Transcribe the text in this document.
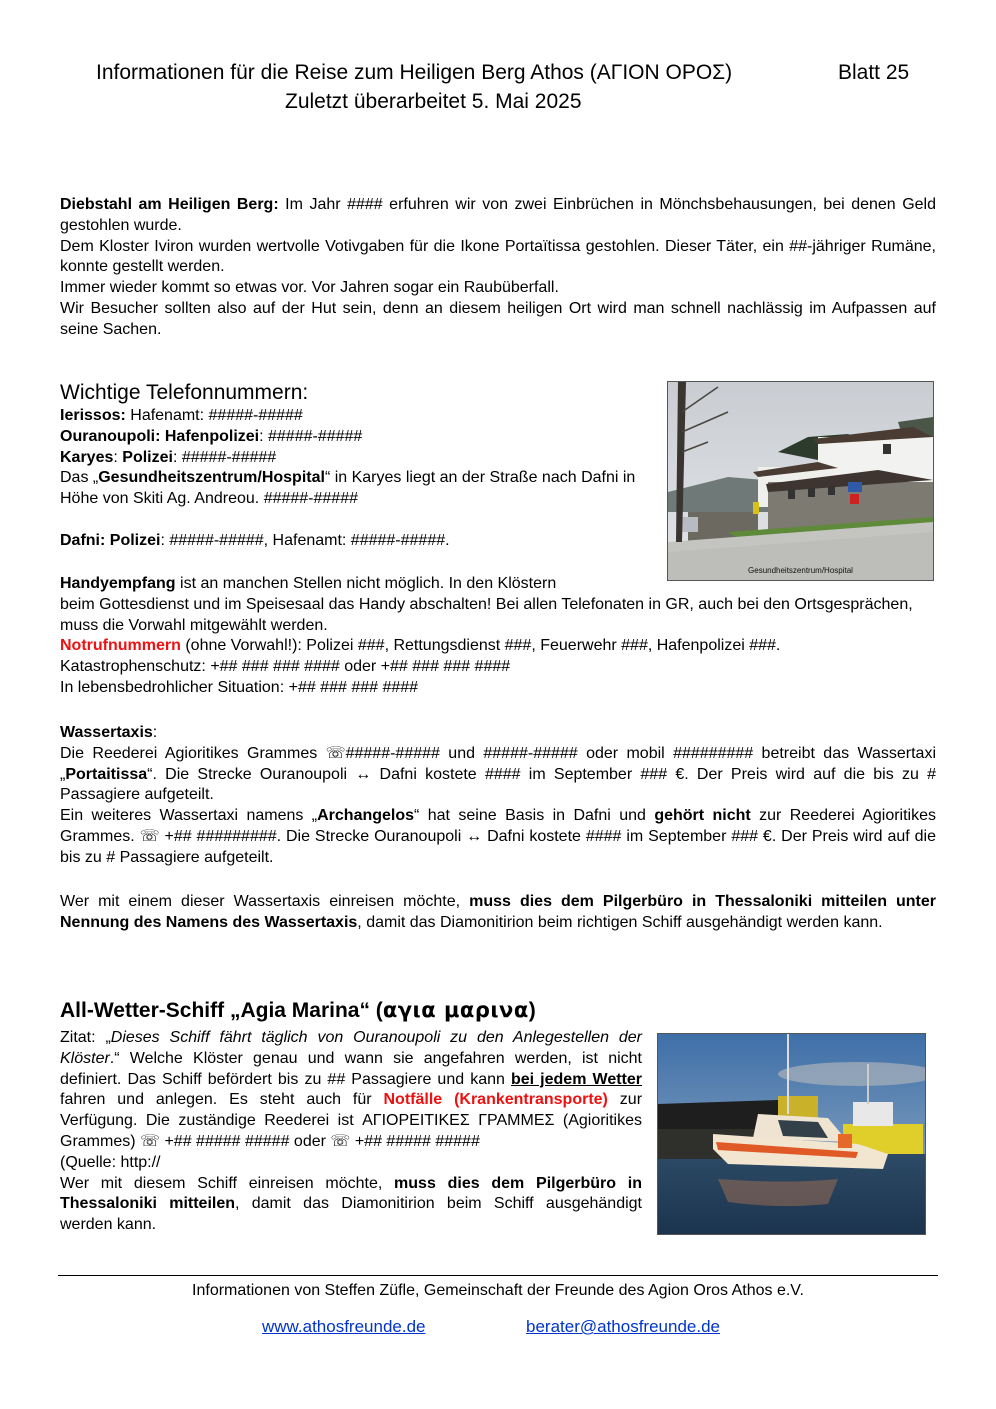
Informationen für die Reise zum Heiligen Berg Athos (ΑΓΙΟΝ ΟΡΟΣ)	Blatt 25
Zuletzt überarbeitet 5. Mai 2025

Diebstahl am Heiligen Berg: Im Jahr #### erfuhren wir von zwei Einbrüchen in Mönchsbehausungen, bei denen Geld gestohlen wurde.

Dem Kloster Iviron wurden wertvolle Votivgaben für die Ikone Portaïtissa gestohlen. Dieser Täter, ein ##-jähriger Rumäne, konnte gestellt werden.

Immer wieder kommt so etwas vor. Vor Jahren sogar ein Raubüberfall.

Wir Besucher sollten also auf der Hut sein, denn an diesem heiligen Ort wird man schnell nachlässig im Aufpassen auf seine Sachen.

Wichtige Telefonnummern:

Ierissos: Hafenamt: #####-#####

Ouranoupoli: Hafenpolizei: #####-#####

Karyes: Polizei: #####-#####

Das „Gesundheitszentrum/Hospital“ in Karyes liegt an der Straße nach Dafni in Höhe von Skiti Ag. Andreou. #####-#####

Dafni: Polizei: #####-#####, Hafenamt: #####-#####.

Gesundheitszentrum/Hospital

Handyempfang ist an manchen Stellen nicht möglich. In den Klöstern

beim Gottesdienst und im Speisesaal das Handy abschalten! Bei allen Telefonaten in GR, auch bei den Ortsgesprächen, muss die Vorwahl mitgewählt werden.

Notrufnummern (ohne Vorwahl!): Polizei ###, Rettungsdienst ###, Feuerwehr ###, Hafenpolizei ###.

Katastrophenschutz: +## ### ### #### oder +## ### ### ####

In lebensbedrohlicher Situation: +## ### ### ####

Wassertaxis:

Die Reederei Agioritikes Grammes ☏#####-##### und #####-##### oder mobil ######### betreibt das Wassertaxi „Portaitissa“. Die Strecke Ouranoupoli ↔ Dafni kostete #### im September ### €. Der Preis wird auf die bis zu # Passagiere aufgeteilt.

Ein weiteres Wassertaxi namens „Archangelos“ hat seine Basis in Dafni und gehört nicht zur Reederei Agioritikes Grammes. ☏ +## #########. Die Strecke Ouranoupoli ↔ Dafni kostete #### im September ### €. Der Preis wird auf die bis zu # Passagiere aufgeteilt.

Wer mit einem dieser Wassertaxis einreisen möchte, muss dies dem Pilgerbüro in Thessaloniki mitteilen unter Nennung des Namens des Wassertaxis, damit das Diamonitirion beim richtigen Schiff ausgehändigt werden kann.

All-Wetter-Schiff „Agia Marina“ (αγια μαρινα)

Zitat: „Dieses Schiff fährt täglich von Ouranoupoli zu den Anlegestellen der Klöster.“ Welche Klöster genau und wann sie angefahren werden, ist nicht definiert. Das Schiff befördert bis zu ## Passagiere und kann bei jedem Wetter fahren und anlegen. Es steht auch für Notfälle (Krankentransporte) zur Verfügung. Die zuständige Reederei ist ΑΓΙΟΡΕΙΤΙΚΕΣ ΓΡΑΜΜΕΣ (Agioritikes Grammes) ☏ +## ##### ##### oder ☏ +## ##### #####

(Quelle: http://

Wer mit diesem Schiff einreisen möchte, muss dies dem Pilgerbüro in Thessaloniki mitteilen, damit das Diamonitirion beim Schiff ausgehändigt werden kann.

Informationen von Steffen Züfle, Gemeinschaft der Freunde des Agion Oros Athos e.V.
www.athosfreunde.de	berater@athosfreunde.de
